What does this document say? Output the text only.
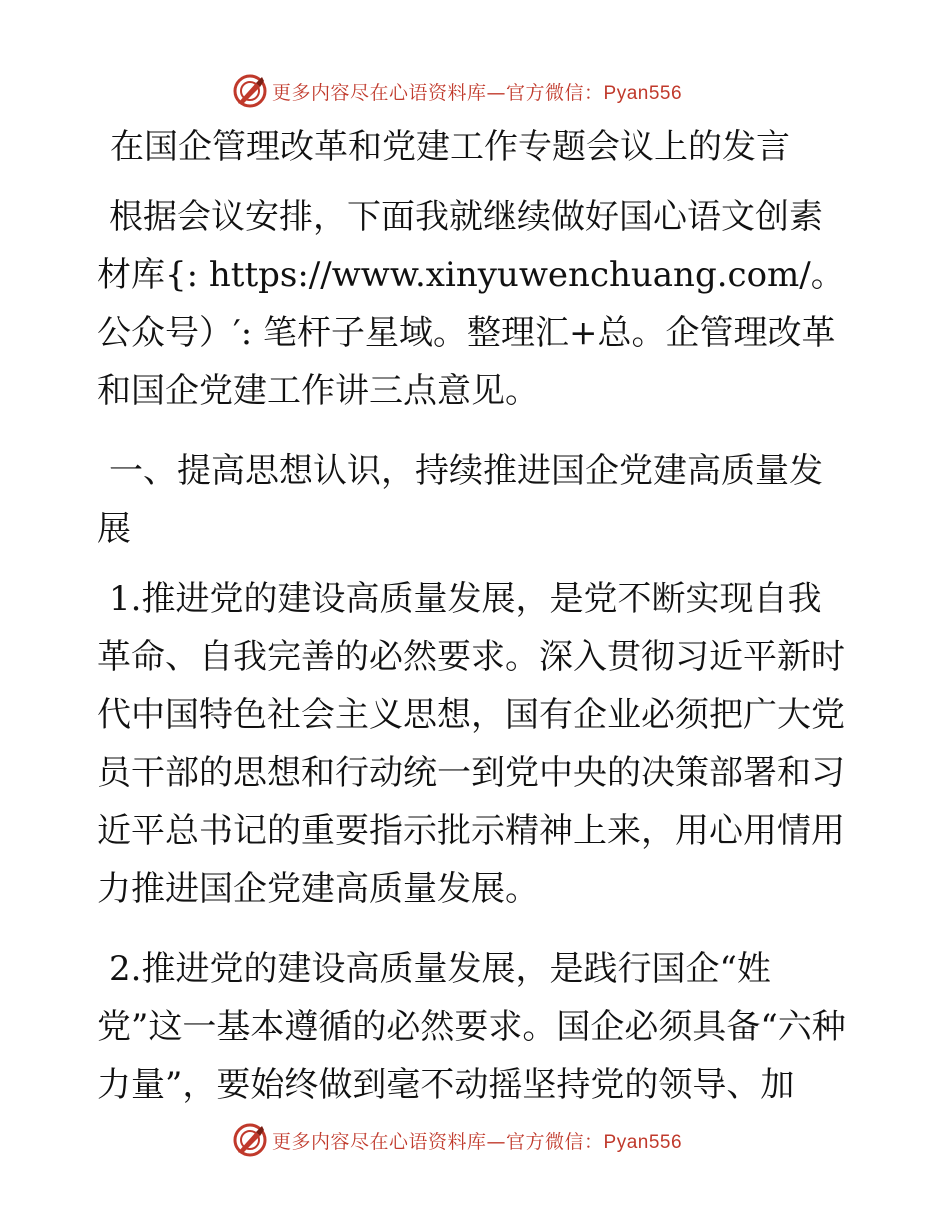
更多内容尽在心语资料库—官方微信：Pyan556
在国企管理改革和党建工作专题会议上的发言

根据会议安排，下面我就继续做好国心语文创素材库{: https://www.xinyuwenchuang.com/。公众号）′: 笔杆子星域。整理汇+总。企管理改革和国企党建工作讲三点意见。

一、提高思想认识，持续推进国企党建高质量发展

1.推进党的建设高质量发展，是党不断实现自我革命、自我完善的必然要求。深入贯彻习近平新时代中国特色社会主义思想，国有企业必须把广大党员干部的思想和行动统一到党中央的决策部署和习近平总书记的重要指示批示精神上来，用心用情用力推进国企党建高质量发展。

2.推进党的建设高质量发展，是践行国企“姓党”这一基本遵循的必然要求。国企必须具备“六种力量”，要始终做到毫不动摇坚持党的领导、加

更多内容尽在心语资料库—官方微信：Pyan556
